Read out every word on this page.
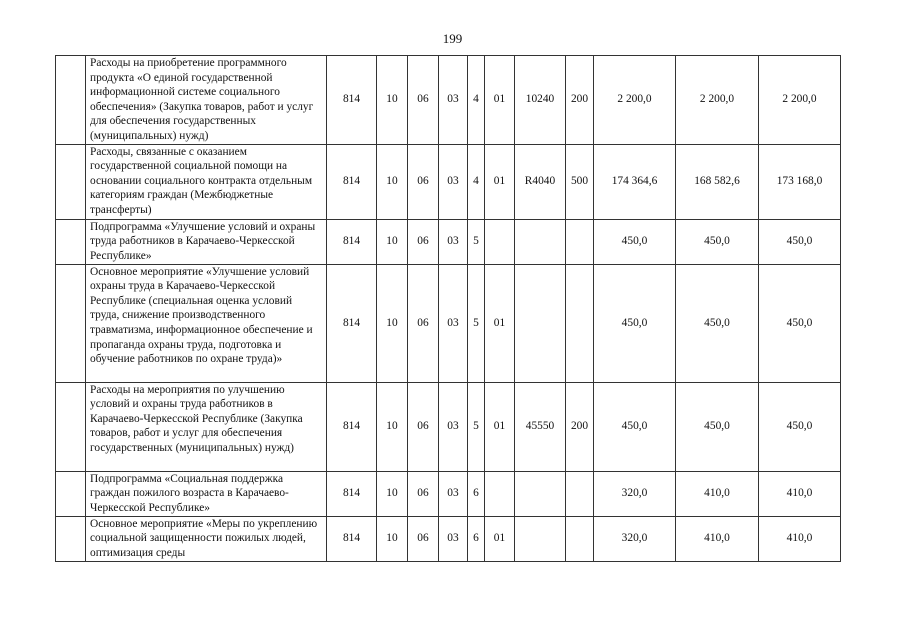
199
	Расходы на приобретение программного продукта «О единой государственной информационной системе социального обеспечения» (Закупка товаров, работ и услуг для обеспечения государственных (муниципальных) нужд)	814	10	06	03	4	01	10240	200	2 200,0	2 200,0	2 200,0
	Расходы, связанные с оказанием государственной социальной помощи на основании социального контракта отдельным категориям граждан (Межбюджетные трансферты)	814	10	06	03	4	01	R4040	500	174 364,6	168 582,6	173 168,0
	Подпрограмма «Улучшение условий и охраны труда работников в Карачаево-Черкесской Республике»	814	10	06	03	5				450,0	450,0	450,0
	Основное мероприятие «Улучшение условий охраны труда в Карачаево-Черкесской Республике (специальная оценка условий труда, снижение производственного травматизма, информационное обеспечение и пропаганда охраны труда, подготовка и обучение работников по охране труда)»	814	10	06	03	5	01			450,0	450,0	450,0
	Расходы на мероприятия по улучшению условий и охраны труда работников в Карачаево-Черкесской Республике (Закупка товаров, работ и услуг для обеспечения государственных (муниципальных) нужд)	814	10	06	03	5	01	45550	200	450,0	450,0	450,0
	Подпрограмма «Социальная поддержка граждан пожилого возраста в Карачаево-Черкесской Республике»	814	10	06	03	6				320,0	410,0	410,0
	Основное мероприятие «Меры по укреплению социальной защищенности пожилых людей, оптимизация среды	814	10	06	03	6	01			320,0	410,0	410,0
